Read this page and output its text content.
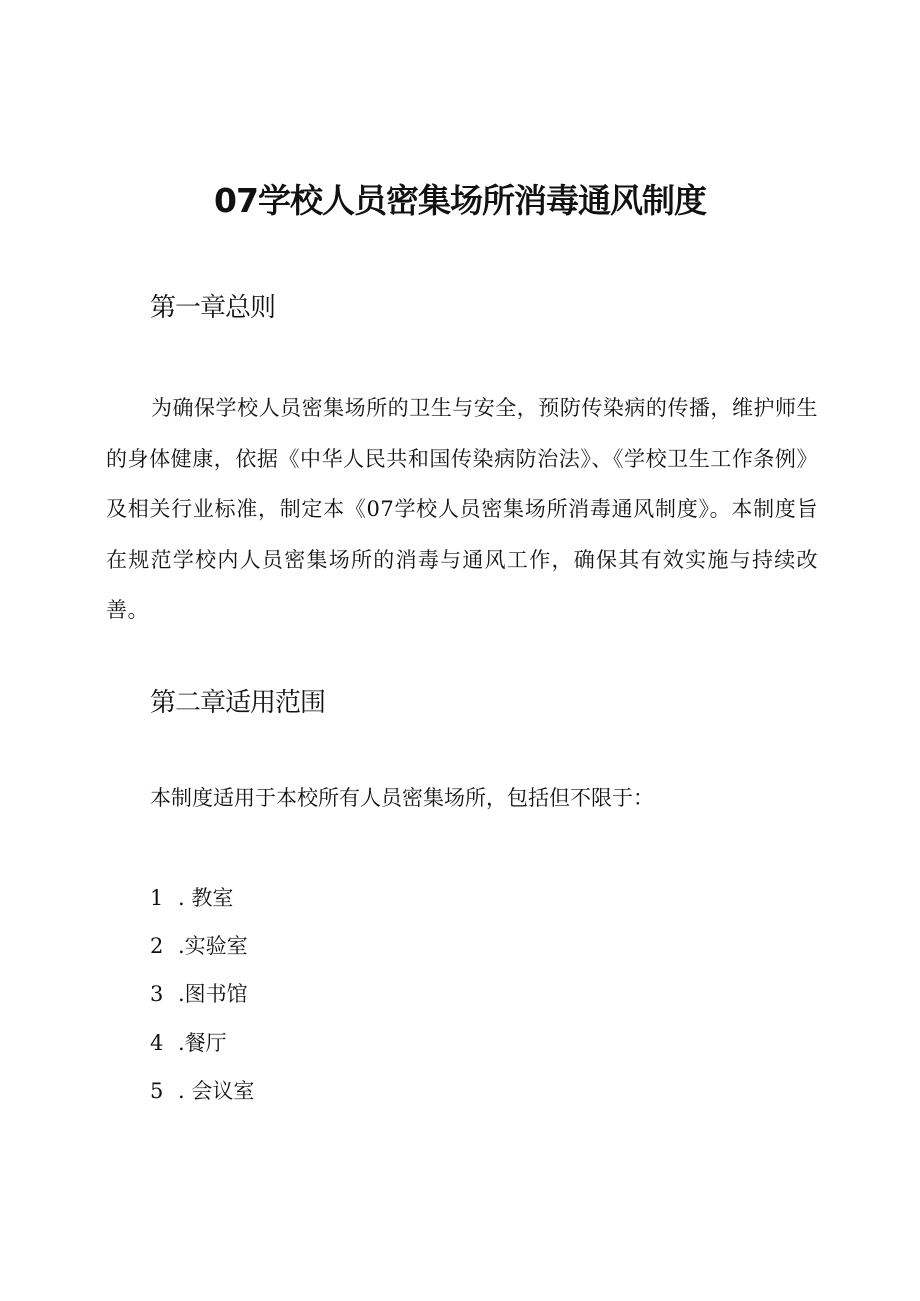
07学校人员密集场所消毒通风制度
第一章总则

为确保学校人员密集场所的卫生与安全，预防传染病的传播，维护师生的身体健康，依据《中华人民共和国传染病防治法》、《学校卫生工作条例》及相关行业标准，制定本《07学校人员密集场所消毒通风制度》。本制度旨在规范学校内人员密集场所的消毒与通风工作，确保其有效实施与持续改善。

第二章适用范围
本制度适用于本校所有人员密集场所，包括但不限于：
1 . 教室
2 .实验室
3 .图书馆
4 .餐厅
5 . 会议室
